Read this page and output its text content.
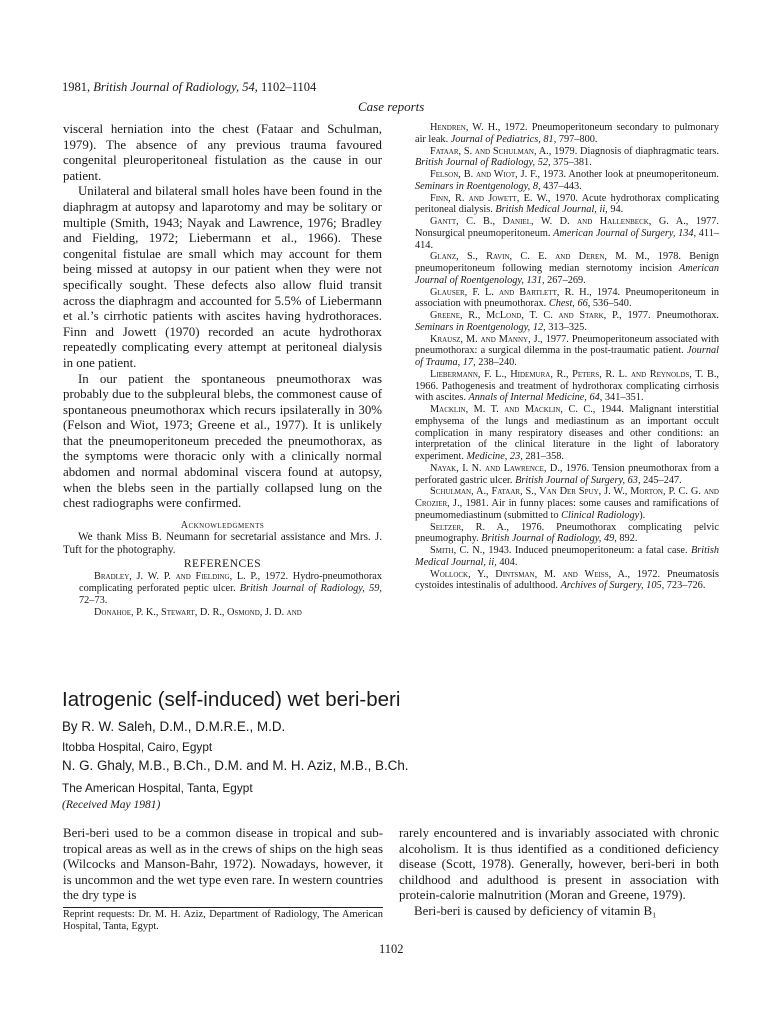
1981, British Journal of Radiology, 54, 1102–1104
Case reports

visceral herniation into the chest (Fataar and Schulman, 1979). The absence of any previous trauma favoured congenital pleuroperitoneal fistulation as the cause in our patient.

Unilateral and bilateral small holes have been found in the diaphragm at autopsy and laparotomy and may be solitary or multiple (Smith, 1943; Nayak and Lawrence, 1976; Bradley and Fielding, 1972; Liebermann et al., 1966). These congenital fistulae are small which may account for them being missed at autopsy in our patient when they were not specifically sought. These defects also allow fluid transit across the diaphragm and accounted for 5.5% of Liebermann et al.’s cirrhotic patients with ascites having hydrothoraces. Finn and Jowett (1970) recorded an acute hydrothorax repeatedly complicating every attempt at peritoneal dialysis in one patient.

In our patient the spontaneous pneumothorax was probably due to the subpleural blebs, the commonest cause of spontaneous pneumothorax which recurs ipsilaterally in 30% (Felson and Wiot, 1973; Greene et al., 1977). It is unlikely that the pneumoperitoneum preceded the pneumothorax, as the symptoms were thoracic only with a clinically normal abdomen and normal abdominal viscera found at autopsy, when the blebs seen in the partially collapsed lung on the chest radiographs were confirmed.

Acknowledgments
We thank Miss B. Neumann for secretarial assistance and Mrs. J. Tuft for the photography.
REFERENCES

Bradley, J. W. P. and Fielding, L. P., 1972. Hydro-pneumothorax complicating perforated peptic ulcer. British Journal of Radiology, 59, 72–73.

Donahoe, P. K., Stewart, D. R., Osmond, J. D. and

Hendren, W. H., 1972. Pneumoperitoneum secondary to pulmonary air leak. Journal of Pediatrics, 81, 797–800.

Fataar, S. and Schulman, A., 1979. Diagnosis of diaphragmatic tears. British Journal of Radiology, 52, 375–381.

Felson, B. and Wiot, J. F., 1973. Another look at pneumoperitoneum. Seminars in Roentgenology, 8, 437–443.

Finn, R. and Jowett, E. W., 1970. Acute hydrothorax complicating peritoneal dialysis. British Medical Journal, ii, 94.

Gantt, C. B., Daniel, W. D. and Hallenbeck, G. A., 1977. Nonsurgical pneumoperitoneum. American Journal of Surgery, 134, 411–414.

Glanz, S., Ravin, C. E. and Deren, M. M., 1978. Benign pneumoperitoneum following median sternotomy incision American Journal of Roentgenology, 131, 267–269.

Glauser, F. L. and Bartlett, R. H., 1974. Pneumoperitoneum in association with pneumothorax. Chest, 66, 536–540.

Greene, R., McLond, T. C. and Stark, P., 1977. Pneumothorax. Seminars in Roentgenology, 12, 313–325.

Krausz, M. and Manny, J., 1977. Pneumoperitoneum associated with pneumothorax: a surgical dilemma in the post-traumatic patient. Journal of Trauma, 17, 238–240.

Liebermann, F. L., Hidemura, R., Peters, R. L. and Reynolds, T. B., 1966. Pathogenesis and treatment of hydrothorax complicating cirrhosis with ascites. Annals of Internal Medicine, 64, 341–351.

Macklin, M. T. and Macklin, C. C., 1944. Malignant interstitial emphysema of the lungs and mediastinum as an important occult complication in many respiratory diseases and other conditions: an interpretation of the clinical literature in the light of laboratory experiment. Medicine, 23, 281–358.

Nayak, I. N. and Lawrence, D., 1976. Tension pneumothorax from a perforated gastric ulcer. British Journal of Surgery, 63, 245–247.

Schulman, A., Fataar, S., Van Der Spuy, J. W., Morton, P. C. G. and Crozier, J., 1981. Air in funny places: some causes and ramifications of pneumomediastinum (submitted to Clinical Radiology).

Seltzer, R. A., 1976. Pneumothorax complicating pelvic pneumography. British Journal of Radiology, 49, 892.

Smith, C. N., 1943. Induced pneumoperitoneum: a fatal case. British Medical Journal, ii, 404.

Wollock, Y., Dintsman, M. and Weiss, A., 1972. Pneumatosis cystoides intestinalis of adulthood. Archives of Surgery, 105, 723–726.

Iatrogenic (self-induced) wet beri-beri
By R. W. Saleh, D.M., D.M.R.E., M.D.
Itobba Hospital, Cairo, Egypt
N. G. Ghaly, M.B., B.Ch., D.M. and M. H. Aziz, M.B., B.Ch.
The American Hospital, Tanta, Egypt
(Received May 1981)

Beri-beri used to be a common disease in tropical and sub-tropical areas as well as in the crews of ships on the high seas (Wilcocks and Manson-Bahr, 1972). Nowadays, however, it is uncommon and the wet type even rare. In western countries the dry type is

Reprint requests: Dr. M. H. Aziz, Department of Radiology, The American Hospital, Tanta, Egypt.

rarely encountered and is invariably associated with chronic alcoholism. It is thus identified as a conditioned deficiency disease (Scott, 1978). Generally, however, beri-beri in both childhood and adulthood is present in association with protein-calorie malnutrition (Moran and Greene, 1979).

Beri-beri is caused by deficiency of vitamin B₁

1102
